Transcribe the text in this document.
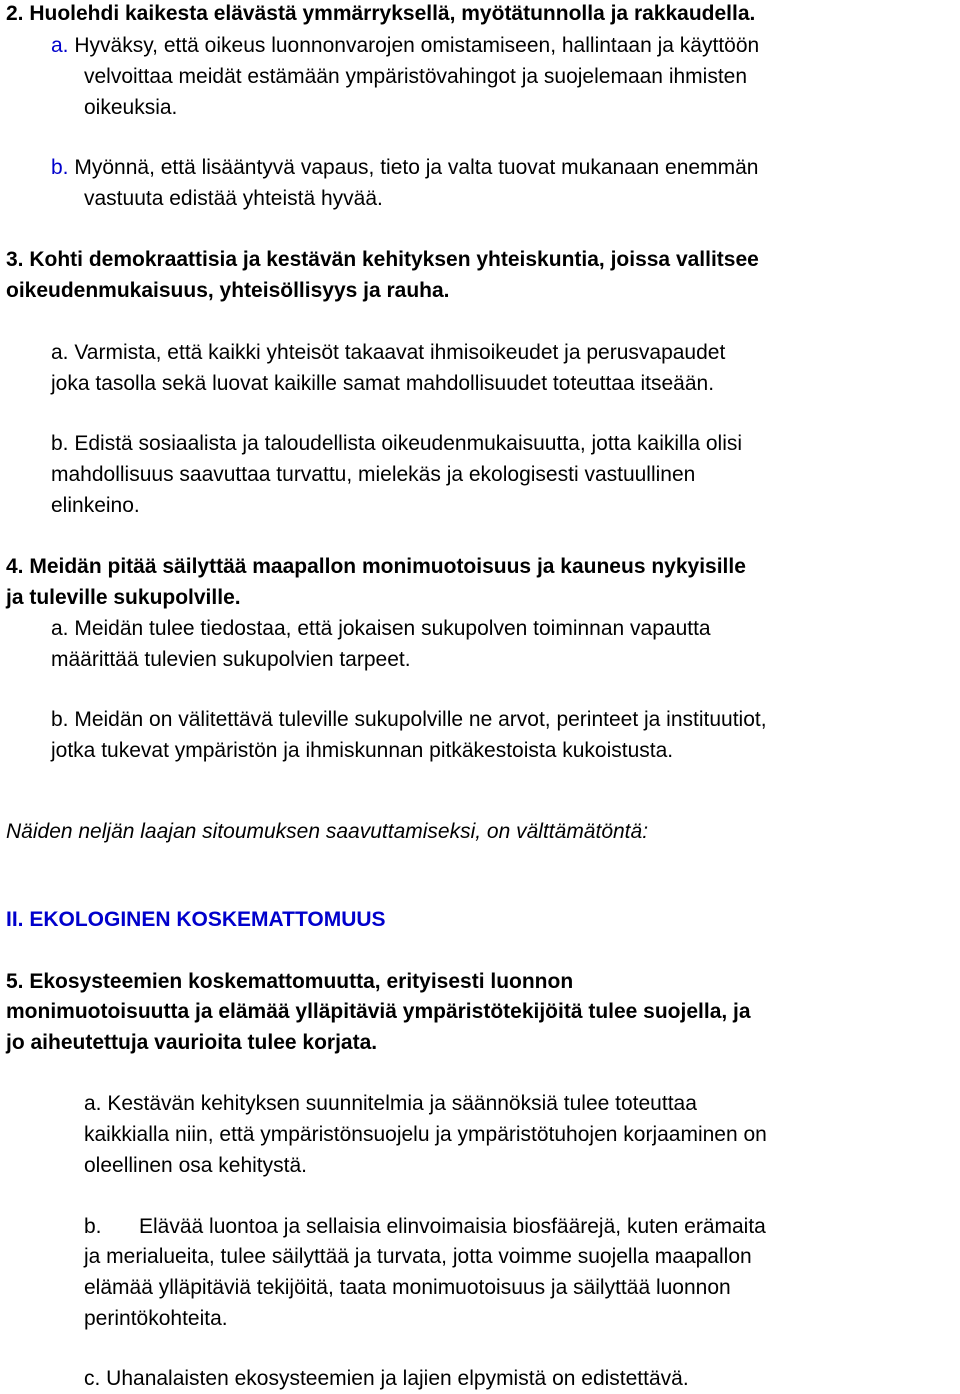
2. Huolehdi kaikesta elävästä ymmärryksellä, myötätunnolla ja rakkaudella.

a. Hyväksy, että oikeus luonnonvarojen omistamiseen, hallintaan ja käyttöön

velvoittaa meidät estämään ympäristövahingot ja suojelemaan ihmisten

oikeuksia.

b. Myönnä, että lisääntyvä vapaus, tieto ja valta tuovat mukanaan enemmän

vastuuta edistää yhteistä hyvää.

3. Kohti demokraattisia ja kestävän kehityksen yhteiskuntia, joissa vallitsee

oikeudenmukaisuus, yhteisöllisyys ja rauha.

a. Varmista, että kaikki yhteisöt takaavat ihmisoikeudet ja perusvapaudet

joka tasolla sekä luovat kaikille samat mahdollisuudet toteuttaa itseään.

b. Edistä sosiaalista ja taloudellista oikeudenmukaisuutta, jotta kaikilla olisi

mahdollisuus saavuttaa turvattu, mielekäs ja ekologisesti vastuullinen

elinkeino.

4. Meidän pitää säilyttää maapallon monimuotoisuus ja kauneus nykyisille

ja tuleville sukupolville.

a. Meidän tulee tiedostaa, että jokaisen sukupolven toiminnan vapautta

määrittää tulevien sukupolvien tarpeet.

b. Meidän on välitettävä tuleville sukupolville ne arvot, perinteet ja instituutiot,

jotka tukevat ympäristön ja ihmiskunnan pitkäkestoista kukoistusta.

Näiden neljän laajan sitoumuksen saavuttamiseksi, on välttämätöntä:

II. EKOLOGINEN KOSKEMATTOMUUS

5. Ekosysteemien koskemattomuutta, erityisesti luonnon

monimuotoisuutta ja elämää ylläpitäviä ympäristötekijöitä tulee suojella, ja

jo aiheutettuja vaurioita tulee korjata.

a. Kestävän kehityksen suunnitelmia ja säännöksiä tulee toteuttaa

kaikkialla niin, että ympäristönsuojelu ja ympäristötuhojen korjaaminen on

oleellinen osa kehitystä.

b. Elävää luontoa ja sellaisia elinvoimaisia biosfäärejä, kuten erämaita

ja merialueita, tulee säilyttää ja turvata, jotta voimme suojella maapallon

elämää ylläpitäviä tekijöitä, taata monimuotoisuus ja säilyttää luonnon

perintökohteita.

c. Uhanalaisten ekosysteemien ja lajien elpymistä on edistettävä.
